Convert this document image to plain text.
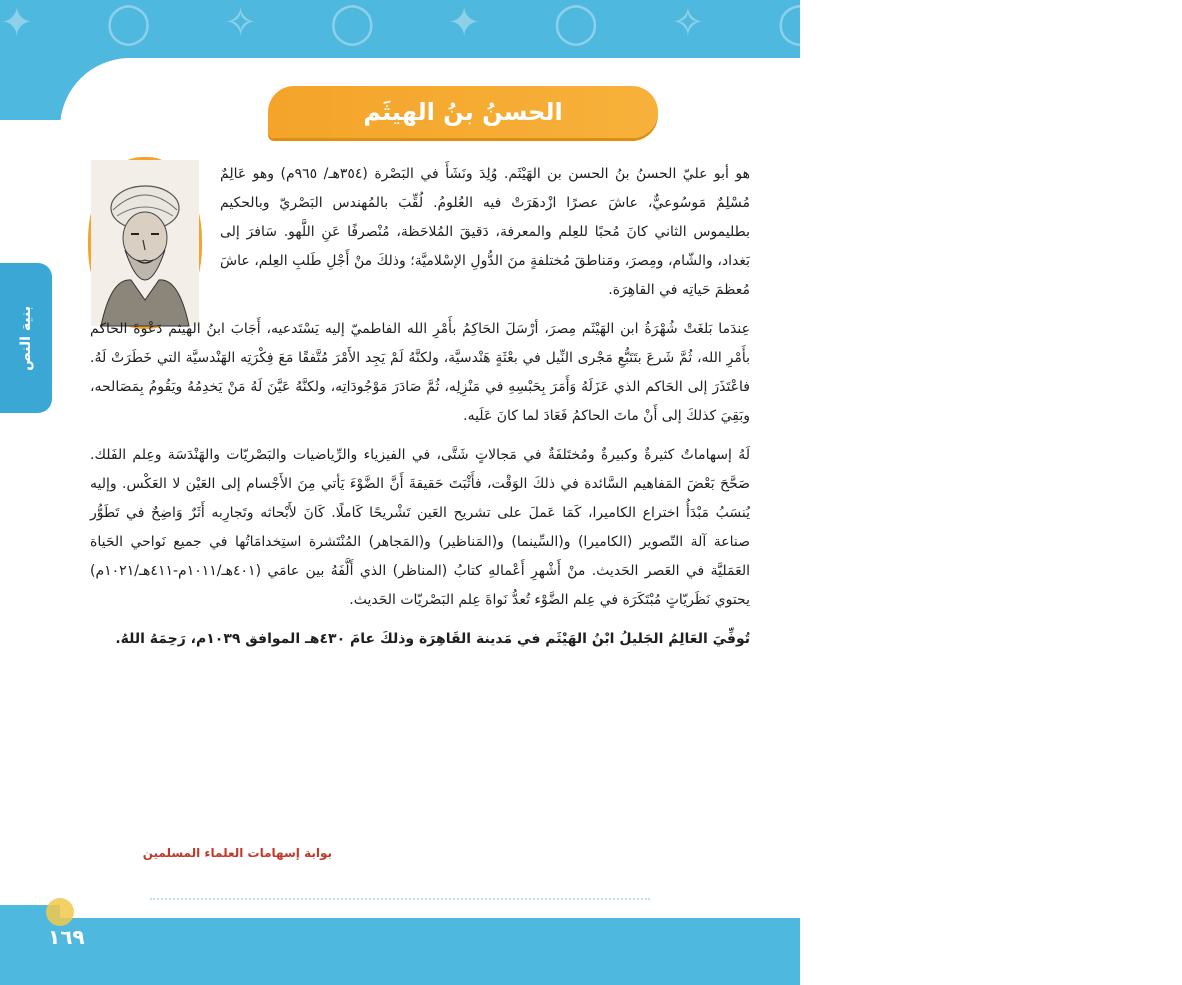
✦ ◯ ✧ ◯ ✦ ◯ ✧ ◯ ✦ ◯ ✧
بنية النص
الحسنُ بنُ الهيثَم

هو أبو عليّ الحسنُ بنُ الحسن بن الهَيْثَم. وُلِدَ ونَشَأَ في البَصْرة (٣٥٤هـ/ ٩٦٥م) وهو عَالِمٌ مُسْلِمٌ مَوسُوعيٌّ، عاشَ عصرًا ازْدهَرَتْ فيه العُلومُ. لُقِّبَ بالمُهندس البَصْريّ وبالحكيم بطليموس الثاني كانَ مُحبًا للعِلم والمعرفة، دَقيقَ المُلاحَظة، مُنْصرفًا عَنِ اللَّهو. سَافرَ إلى بَغداد، والشّام، ومِصرَ، ومَناطقَ مُختلفةٍ منَ الدُّولِ الإسْلاميَّة؛ وذلكَ منْ أَجْلِ طَلبِ العِلم، عاشَ مُعظمَ حَياتِه في القاهِرَة.

عِندَما بَلغَتْ شُهْرَةُ ابن الهَيْثَم مِصرَ، أرْسَلَ الحَاكِمُ بأَمْرِ الله الفاطميّ إليه يَسْتَدعيه، أَجَابَ ابنُ الهيثم دَعْوةَ الحاكم بأَمْرِ الله، ثُمَّ شَرعَ بتَتَبُّعِ مَجْرى النِّيل في بعْثَةٍ هَنْدسيَّة، ولكنَّهُ لَمْ يَجِد الأَمْرَ مُتَّفقًا مَعَ فِكْرَتِه الهَنْدسيَّة التي خَطَرَتْ لَهُ. فاعْتَذَرَ إلى الحَاكم الذي عَزَلَهُ وَأَمَرَ بِحَبْسِهِ في مَنْزِلِه، ثُمَّ صَادَرَ مَوْجُودَاتِه، ولكنَّهُ عَيَّنَ لَهُ مَنْ يَخدِمُهُ ويَقُومُ بِمَصَالحه، وبَقِيَ كذلكَ إلى أَنْ ماتَ الحاكمُ فَعَادَ لما كانَ عَلَيه.

لَهُ إسهاماتٌ كثيرةٌ وكبيرةٌ ومُختَلفَةٌ في مَجالاتٍ شَتَّى، في الفيزياء والرِّياضيات والبَصْريّات والهَنْدَسَة وعِلم الفَلك. صَحَّحَ بَعْضَ المَفاهيم السَّائدة في ذلكَ الوَقْت، فأَثْبَتَ حَقيقةَ أَنَّ الضَّوْءَ يَأتي مِنَ الأَجْسام إلى العَيْن لا العَكْس. وإليه يُنسَبُ مَبْدَأُ اختراع الكاميرا، كَمَا عَملَ على تشريح العَين تَشْريحًا كَاملًا. كَانَ لأَبْحاثه وتَجارِبه أَثَرٌ وَاضِحٌ في تَطَوُّر صناعة آلة التّصوير (الكاميرا) و(السِّينما) و(المَناظير) و(المَجاهر) المُنْتَشرة استِخدامَاتُها في جميع نَواحي الحَياة العَمَليَّة في العَصر الحَديث. منْ أَشْهرِ أَعْمالهِ كتابُ (المناظر) الذي أَلَّفَهُ بين عامَي (٤٠١هـ/١٠١١م-٤١١هـ/١٠٢١م) يحتوي نَظَريّاتٍ مُبْتَكَرَة في عِلم الضَّوْء تُعدُّ نَواةَ عِلم البَصْريّات الحَديث.

تُوفِّيَ العَالِمُ الجَليلُ ابْنُ الهَيْثَم في مَدينة القَاهِرَة وذلكَ عامَ ٤٣٠هـ الموافق ١٠٣٩م، رَحِمَهُ اللهُ.

بوابة إسهامات العلماء المسلمين
١٦٩
